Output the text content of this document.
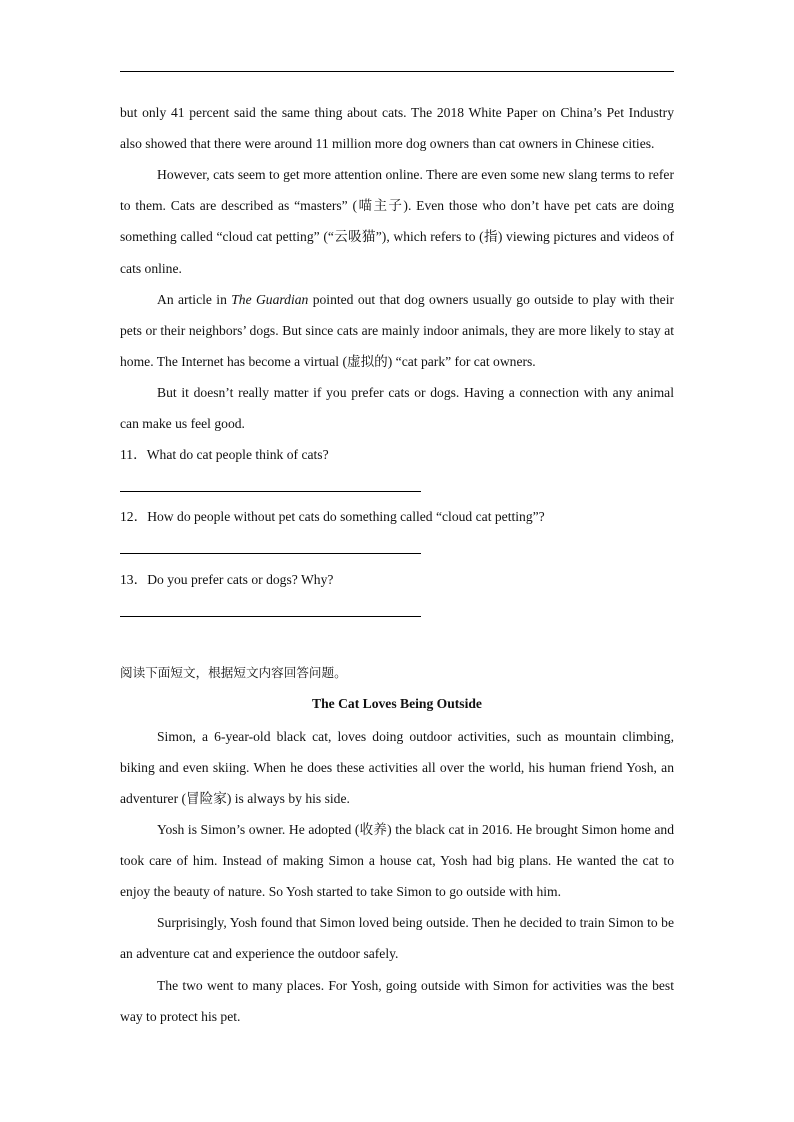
but only 41 percent said the same thing about cats. The 2018 White Paper on China’s Pet Industry also showed that there were around 11 million more dog owners than cat owners in Chinese cities.

However, cats seem to get more attention online. There are even some new slang terms to refer to them. Cats are described as “masters” (喵主子). Even those who don’t have pet cats are doing something called “cloud cat petting” (“云吸猫”), which refers to (指) viewing pictures and videos of cats online.

An article in The Guardian pointed out that dog owners usually go outside to play with their pets or their neighbors’ dogs. But since cats are mainly indoor animals, they are more likely to stay at home. The Internet has become a virtual (虚拟的) “cat park” for cat owners.

But it doesn’t really matter if you prefer cats or dogs. Having a connection with any animal can make us feel good.

11．What do cat people think of cats?

12．How do people without pet cats do something called “cloud cat petting”?

13．Do you prefer cats or dogs? Why?

阅读下面短文，根据短文内容回答问题。

The Cat Loves Being Outside

Simon, a 6-year-old black cat, loves doing outdoor activities, such as mountain climbing, biking and even skiing. When he does these activities all over the world, his human friend Yosh, an adventurer (冒险家) is always by his side.

Yosh is Simon’s owner. He adopted (收养) the black cat in 2016. He brought Simon home and took care of him. Instead of making Simon a house cat, Yosh had big plans. He wanted the cat to enjoy the beauty of nature. So Yosh started to take Simon to go outside with him.

Surprisingly, Yosh found that Simon loved being outside. Then he decided to train Simon to be an adventure cat and experience the outdoor safely.

The two went to many places. For Yosh, going outside with Simon for activities was the best way to protect his pet.
